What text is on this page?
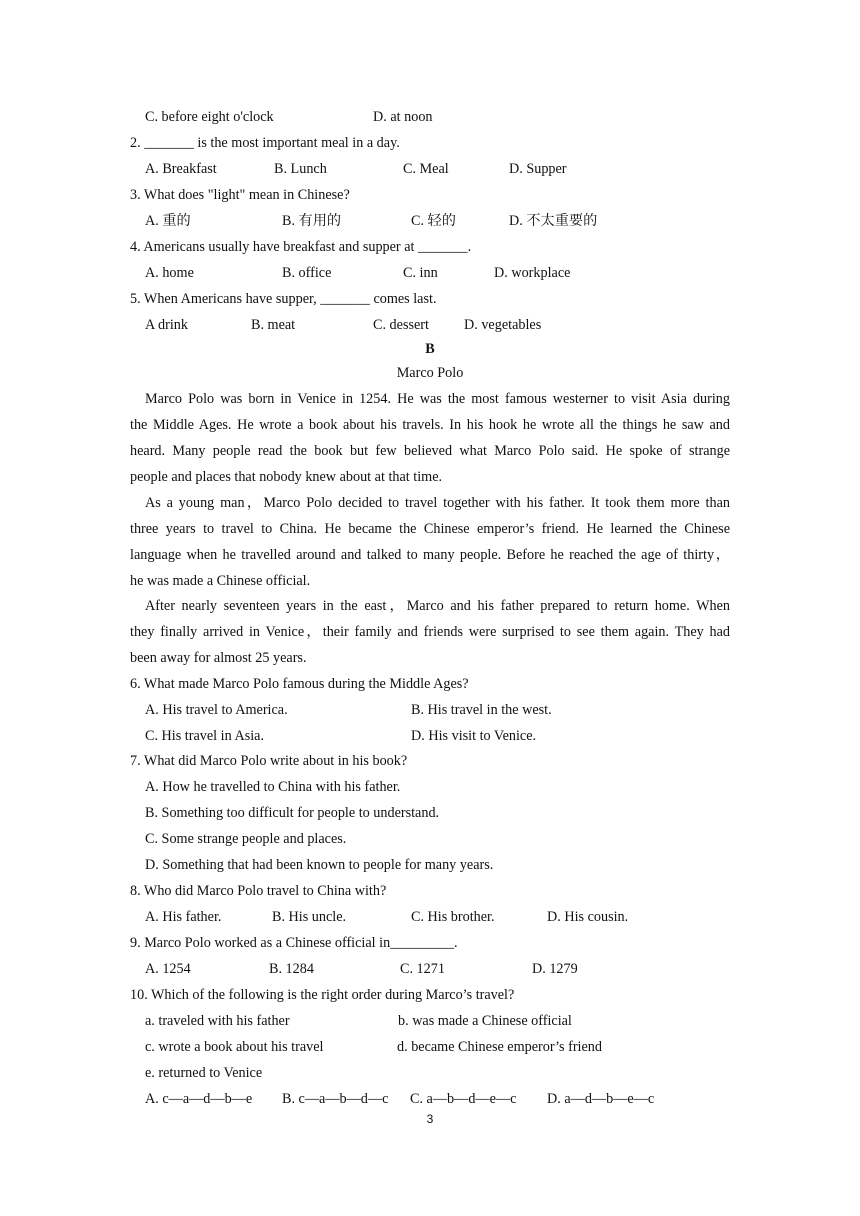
C. before eight o'clock	D. at noon
2. _______ is the most important meal in a day.
A. Breakfast	B. Lunch	C. Meal	D. Supper
3. What does "light" mean in Chinese?
A. 重的	B. 有用的	C. 轻的	D. 不太重要的
4. Americans usually have breakfast and supper at _______.
A. home	B. office	C. inn	D. workplace
5. When Americans have supper, _______ comes last.
A drink	B. meat	C. dessert D. vegetables
B
Marco Polo
Marco Polo was born in Venice in 1254. He was the most famous westerner to visit Asia during
the Middle Ages. He wrote a book about his travels. In his hook he wrote all the things he saw and
heard. Many people read the book but few believed what Marco Polo said. He spoke of strange
people and places that nobody knew about at that time.
As a young man，Marco Polo decided to travel together with his father. It took them more than
three years to travel to China. He became the Chinese emperor’s friend. He learned the Chinese
language when he travelled around and talked to many people. Before he reached the age of thirty，
he was made a Chinese official.
After nearly seventeen years in the east，Marco and his father prepared to return home. When
they finally arrived in Venice，their family and friends were surprised to see them again. They had
been away for almost 25 years.
6. What made Marco Polo famous during the Middle Ages?
A. His travel to America.	B. His travel in the west.
C. His travel in Asia.	D. His visit to Venice.
7. What did Marco Polo write about in his book?
A. How he travelled to China with his father.
B. Something too difficult for people to understand.
C. Some strange people and places.
D. Something that had been known to people for many years.
8. Who did Marco Polo travel to China with?
A. His father.	B. His uncle.	C. His brother.	D. His cousin.
9. Marco Polo worked as a Chinese official in_________.
A. 1254	B. 1284	C. 1271	D. 1279
10. Which of the following is the right order during Marco’s travel?
a. traveled with his father	b. was made a Chinese official
c. wrote a book about his travel	d. became Chinese emperor’s friend
e. returned to Venice
A. c—a—d—b—e B. c—a—b—d—c C. a—b—d—e—c D. a—d—b—e—c
3
